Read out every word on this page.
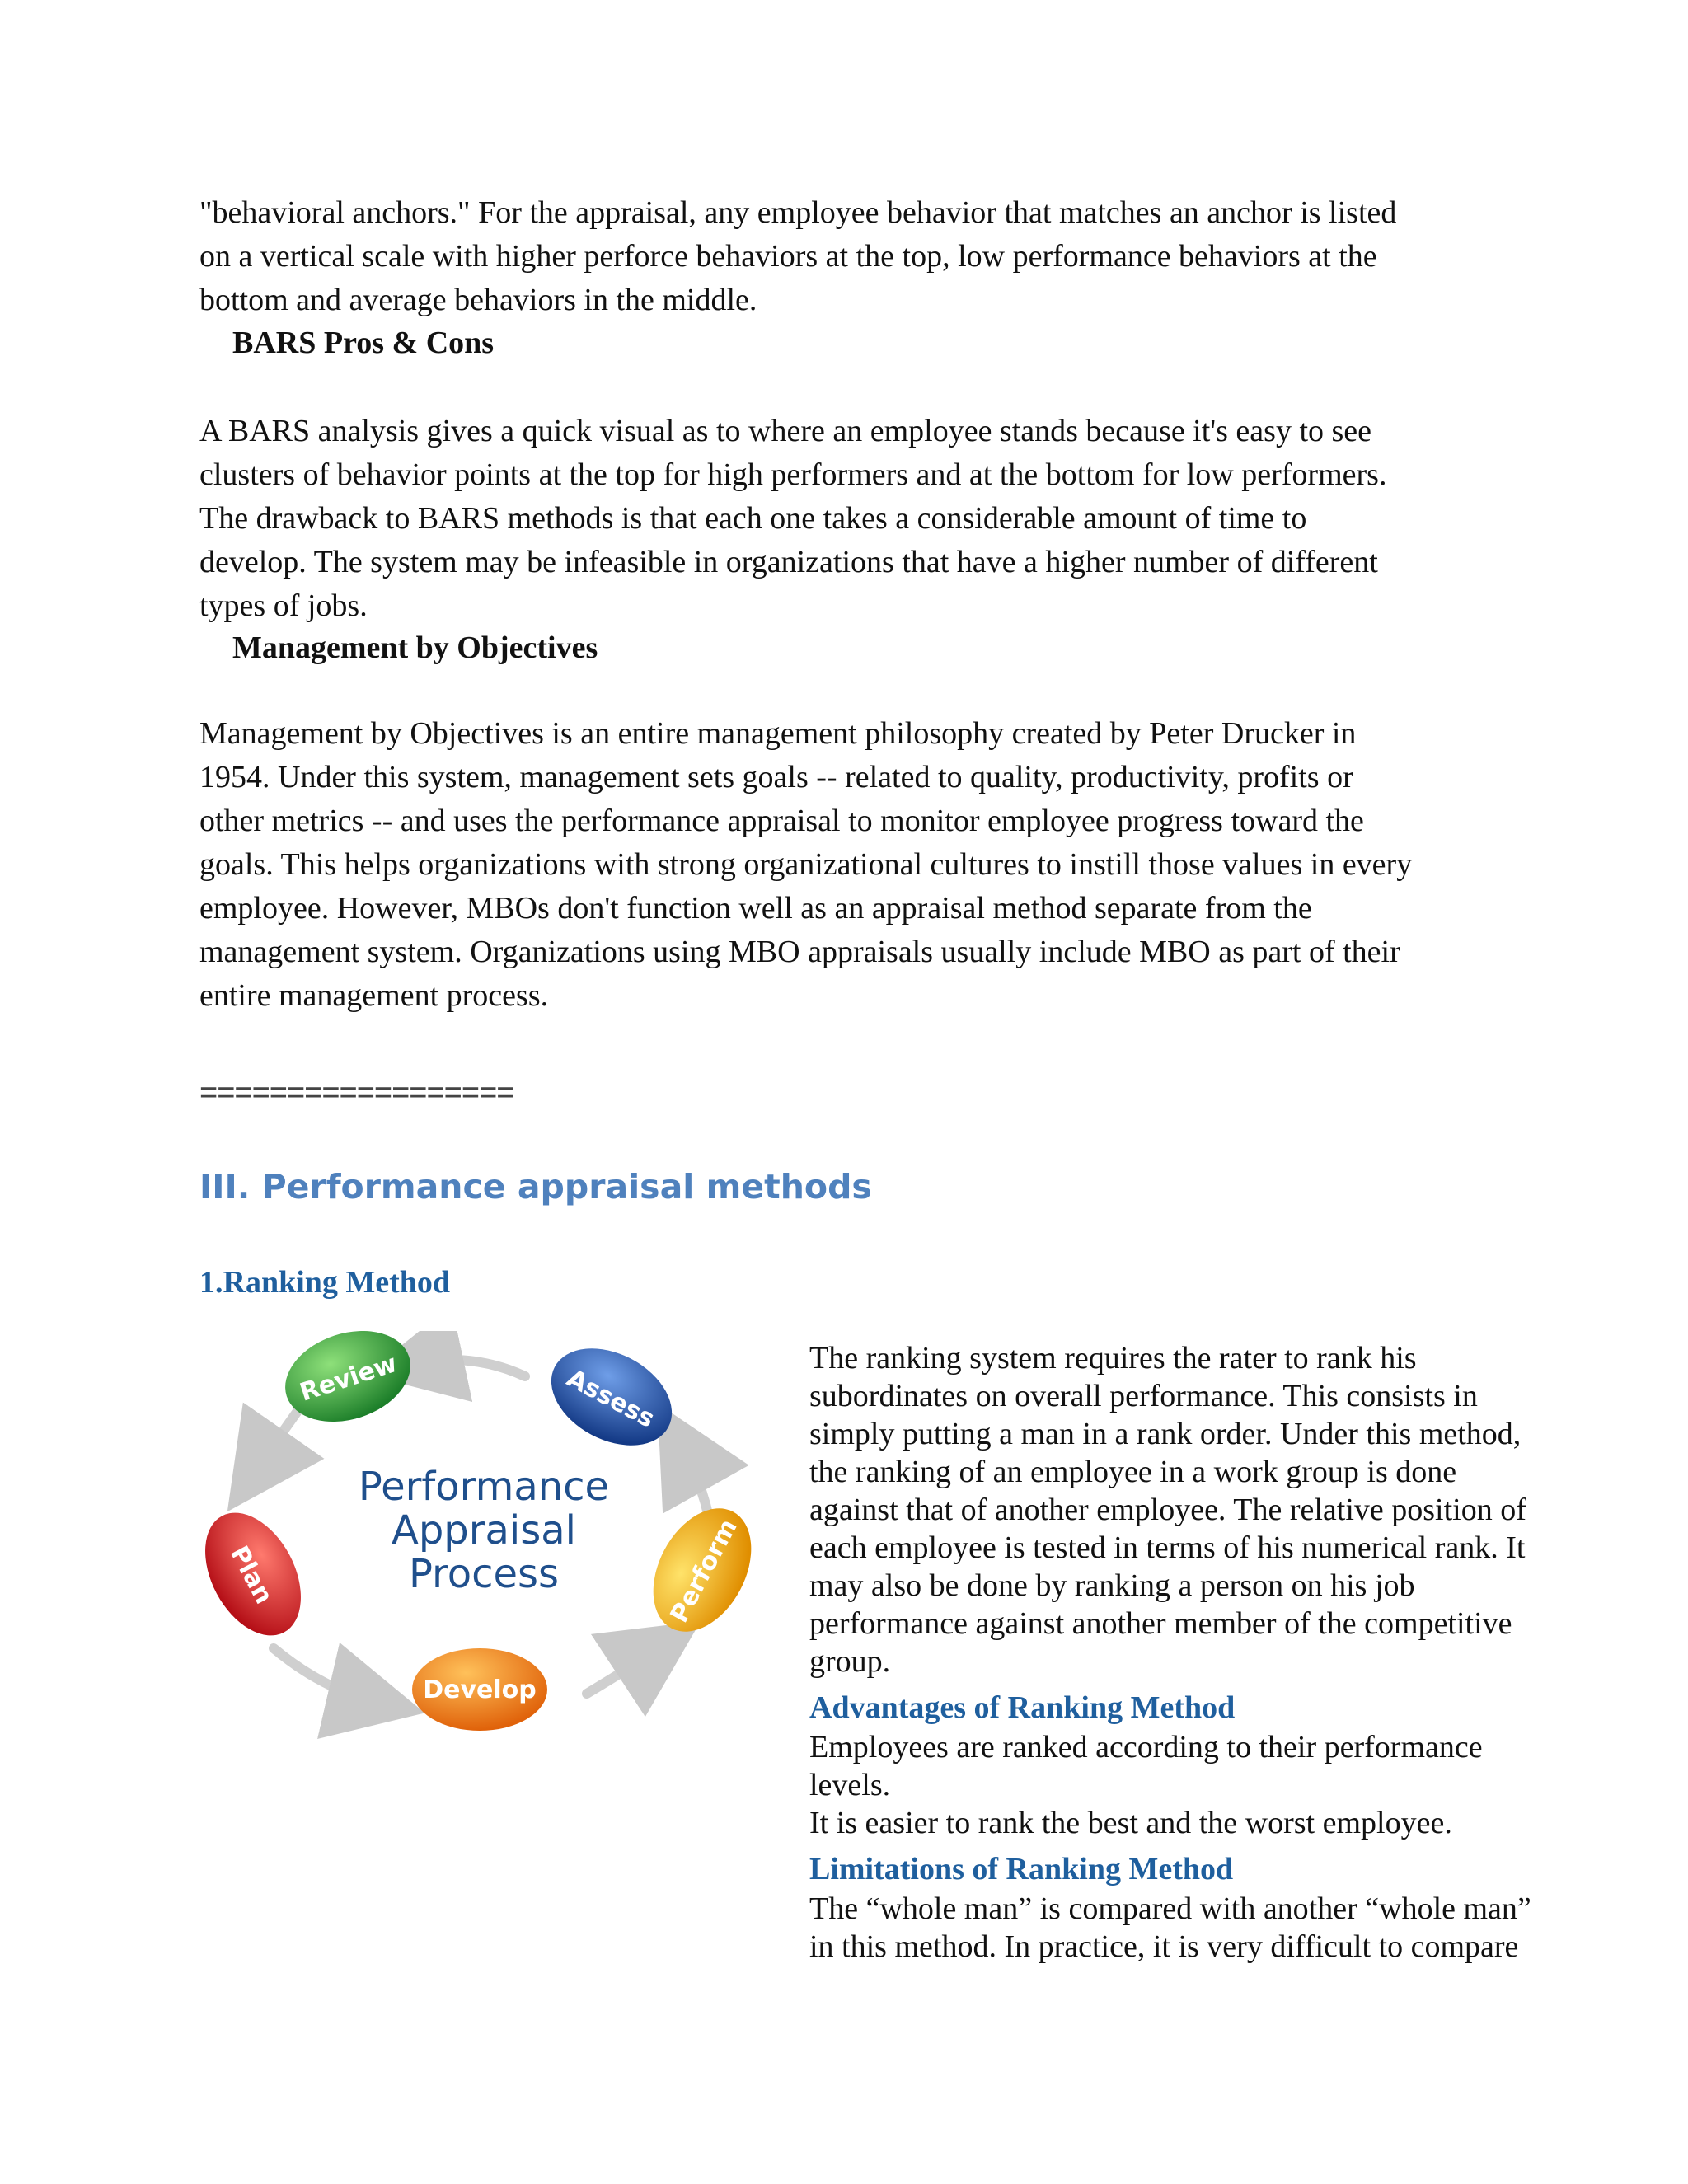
"behavioral anchors." For the appraisal, any employee behavior that matches an anchor is listed
on a vertical scale with higher perforce behaviors at the top, low performance behaviors at the
bottom and average behaviors in the middle.

BARS Pros & Cons

A BARS analysis gives a quick visual as to where an employee stands because it's easy to see
clusters of behavior points at the top for high performers and at the bottom for low performers.
The drawback to BARS methods is that each one takes a considerable amount of time to
develop. The system may be infeasible in organizations that have a higher number of different
types of jobs.

Management by Objectives

Management by Objectives is an entire management philosophy created by Peter Drucker in
1954. Under this system, management sets goals -- related to quality, productivity, profits or
other metrics -- and uses the performance appraisal to monitor employee progress toward the
goals. This helps organizations with strong organizational cultures to instill those values in every
employee. However, MBOs don't function well as an appraisal method separate from the
management system. Organizations using MBO appraisals usually include MBO as part of their
entire management process.

==================
III. Performance appraisal methods
1.Ranking Method
Review	Assess
Perform
Develop
Plan
Performance
Appraisal
Process

The ranking system requires the rater to rank his
subordinates on overall performance. This consists in
simply putting a man in a rank order. Under this method,
the ranking of an employee in a work group is done
against that of another employee. The relative position of
each employee is tested in terms of his numerical rank. It
may also be done by ranking a person on his job
performance against another member of the competitive
group.

Advantages of Ranking Method

Employees are ranked according to their performance
levels.

It is easier to rank the best and the worst employee.

Limitations of Ranking Method

The “whole man” is compared with another “whole man”
in this method. In practice, it is very difficult to compare
